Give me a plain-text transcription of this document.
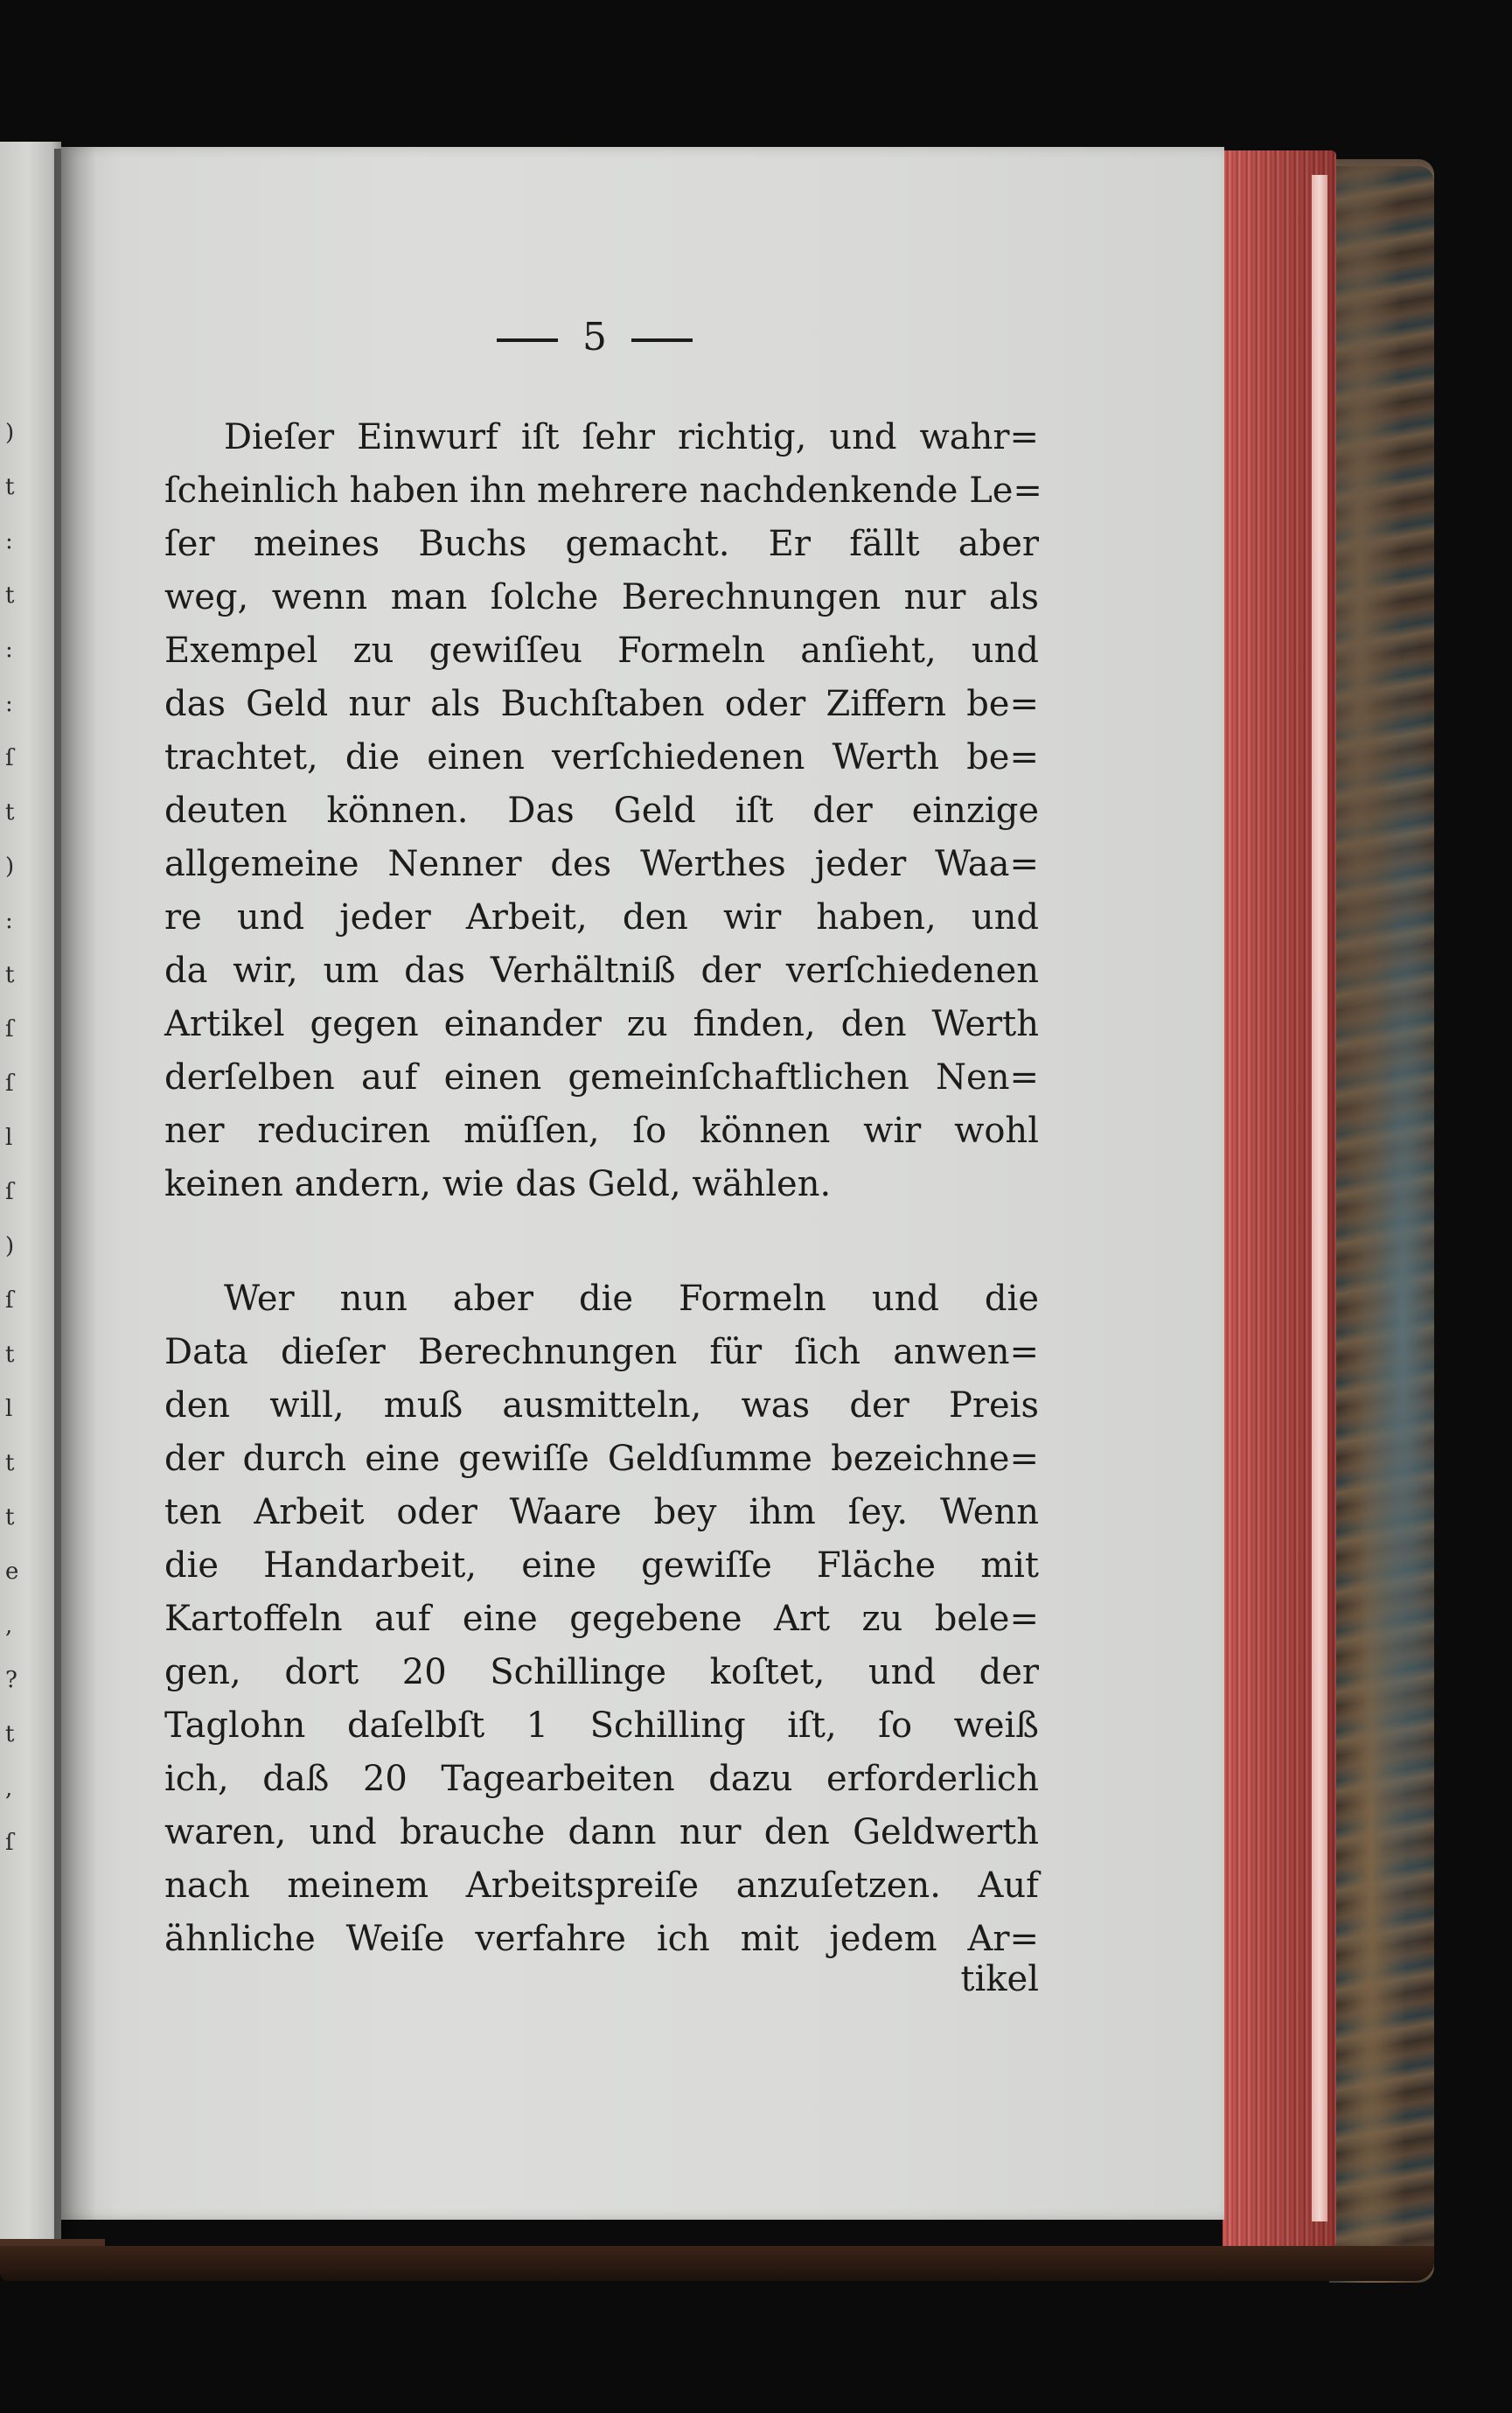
)
t
:
t
:
:
ſ
t
)
:
t
ſ
ſ
l
ſ
)
ſ
t
l
t
t
e
,
?
t
,
ſ
5
Dieſer Einwurf iſt ſehr richtig, und wahr=
ſcheinlich haben ihn mehrere nachdenkende Le=
ſer meines Buchs gemacht. Er fällt aber
weg, wenn man ſolche Berechnungen nur als
Exempel zu gewiſſeu Formeln anſieht, und
das Geld nur als Buchſtaben oder Ziffern be=
trachtet, die einen verſchiedenen Werth be=
deuten können. Das Geld iſt der einzige
allgemeine Nenner des Werthes jeder Waa=
re und jeder Arbeit, den wir haben, und
da wir, um das Verhältniß der verſchiedenen
Artikel gegen einander zu finden, den Werth
derſelben auf einen gemeinſchaftlichen Nen=
ner reduciren müſſen, ſo können wir wohl
keinen andern, wie das Geld, wählen.
Wer nun aber die Formeln und die
Data dieſer Berechnungen für ſich anwen=
den will, muß ausmitteln, was der Preis
der durch eine gewiſſe Geldſumme bezeichne=
ten Arbeit oder Waare bey ihm ſey. Wenn
die Handarbeit, eine gewiſſe Fläche mit
Kartoffeln auf eine gegebene Art zu bele=
gen, dort 20 Schillinge koſtet, und der
Taglohn daſelbſt 1 Schilling iſt, ſo weiß
ich, daß 20 Tagearbeiten dazu erforderlich
waren, und brauche dann nur den Geldwerth
nach meinem Arbeitspreiſe anzuſetzen. Auf
ähnliche Weiſe verfahre ich mit jedem Ar=
tikel
